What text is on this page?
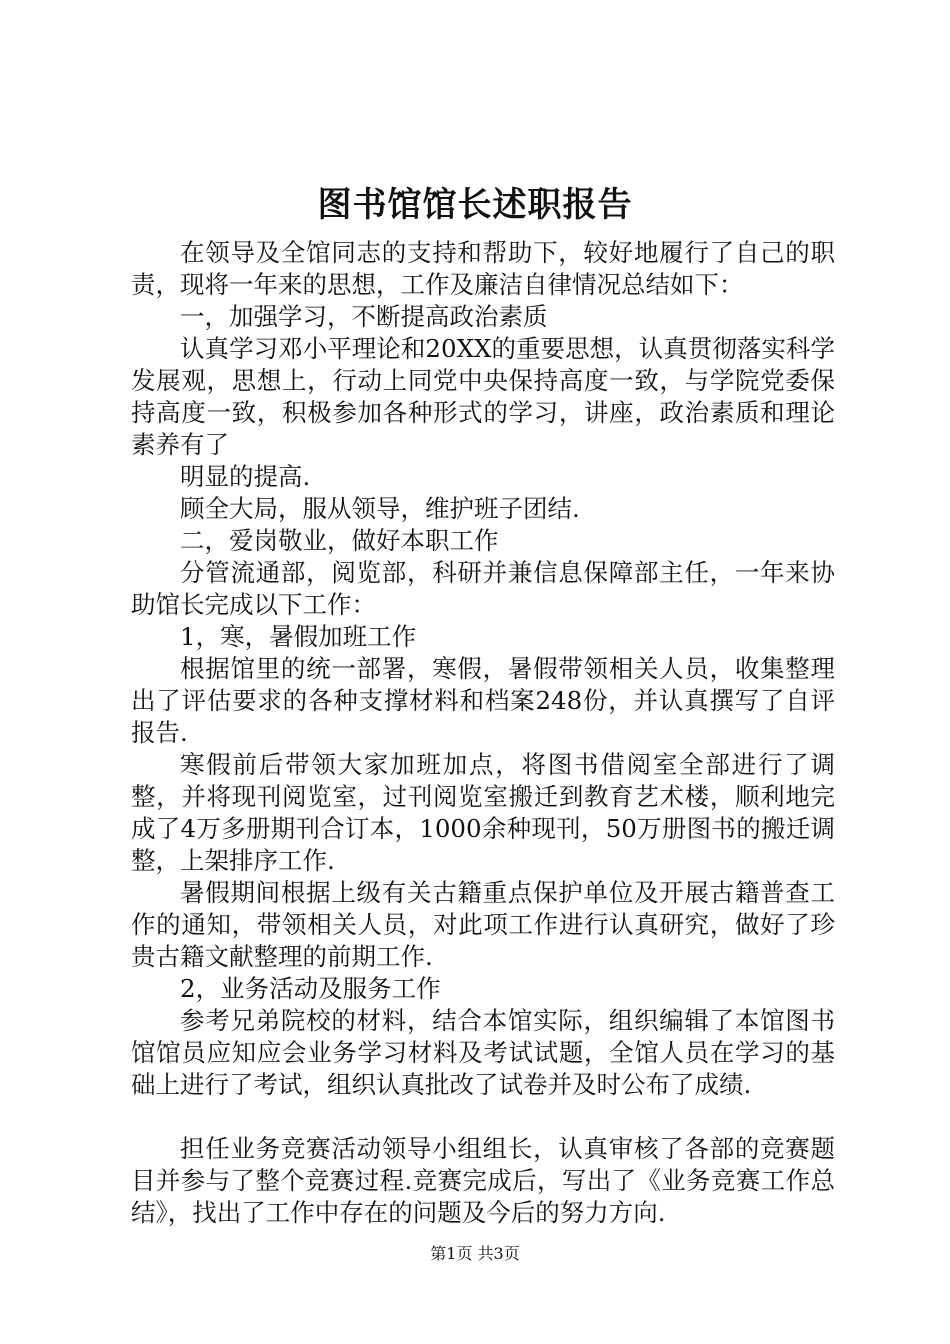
图书馆馆长述职报告

在领导及全馆同志的支持和帮助下，较好地履行了自己的职责，现将一年来的思想，工作及廉洁自律情况总结如下：

一，加强学习，不断提高政治素质

认真学习邓小平理论和20XX的重要思想，认真贯彻落实科学发展观，思想上，行动上同党中央保持高度一致，与学院党委保持高度一致，积极参加各种形式的学习，讲座，政治素质和理论素养有了

明显的提高.

顾全大局，服从领导，维护班子团结.

二，爱岗敬业，做好本职工作

分管流通部，阅览部，科研并兼信息保障部主任，一年来协助馆长完成以下工作：

1，寒，暑假加班工作

根据馆里的统一部署，寒假，暑假带领相关人员，收集整理出了评估要求的各种支撑材料和档案248份，并认真撰写了自评报告.

寒假前后带领大家加班加点，将图书借阅室全部进行了调整，并将现刊阅览室，过刊阅览室搬迁到教育艺术楼，顺利地完成了4万多册期刊合订本，1000余种现刊，50万册图书的搬迁调整，上架排序工作.

暑假期间根据上级有关古籍重点保护单位及开展古籍普查工作的通知，带领相关人员，对此项工作进行认真研究，做好了珍贵古籍文献整理的前期工作.

2，业务活动及服务工作

参考兄弟院校的材料，结合本馆实际，组织编辑了本馆图书馆馆员应知应会业务学习材料及考试试题，全馆人员在学习的基础上进行了考试，组织认真批改了试卷并及时公布了成绩.

担任业务竞赛活动领导小组组长，认真审核了各部的竞赛题目并参与了整个竞赛过程.竞赛完成后，写出了《业务竞赛工作总结》，找出了工作中存在的问题及今后的努力方向.

第1页 共3页
